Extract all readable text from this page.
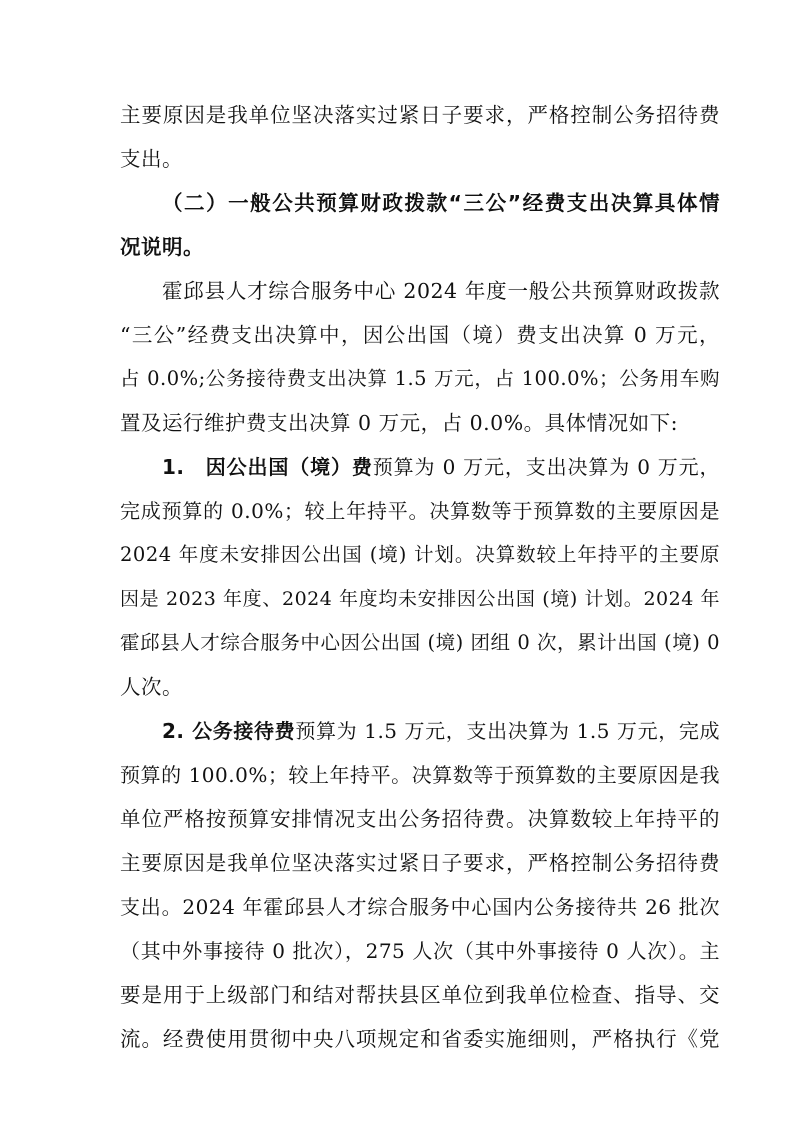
主要原因是我单位坚决落实过紧日子要求，严格控制公务招待费
支出。
（二）一般公共预算财政拨款“三公”经费支出决算具体情
况说明。
霍邱县人才综合服务中心 2024 年度一般公共预算财政拨款
“三公”经费支出决算中，因公出国（境）费支出决算 0 万元，
占 0.0%;公务接待费支出决算 1.5 万元，占 100.0%；公务用车购
置及运行维护费支出决算 0 万元，占 0.0%。具体情况如下:
1.　因公出国（境）费预算为 0 万元，支出决算为 0 万元，
完成预算的 0.0%；较上年持平。决算数等于预算数的主要原因是
2024 年度未安排因公出国 (境) 计划。决算数较上年持平的主要原
因是 2023 年度、2024 年度均未安排因公出国 (境) 计划。2024 年
霍邱县人才综合服务中心因公出国 (境) 团组 0 次，累计出国 (境) 0
人次。
2. 公务接待费预算为 1.5 万元，支出决算为 1.5 万元，完成
预算的 100.0%；较上年持平。决算数等于预算数的主要原因是我
单位严格按预算安排情况支出公务招待费。决算数较上年持平的
主要原因是我单位坚决落实过紧日子要求，严格控制公务招待费
支出。2024 年霍邱县人才综合服务中心国内公务接待共 26 批次
（其中外事接待 0 批次），275 人次（其中外事接待 0 人次）。主
要是用于上级部门和结对帮扶县区单位到我单位检查、指导、交
流。经费使用贯彻中央八项规定和省委实施细则，严格执行《党
